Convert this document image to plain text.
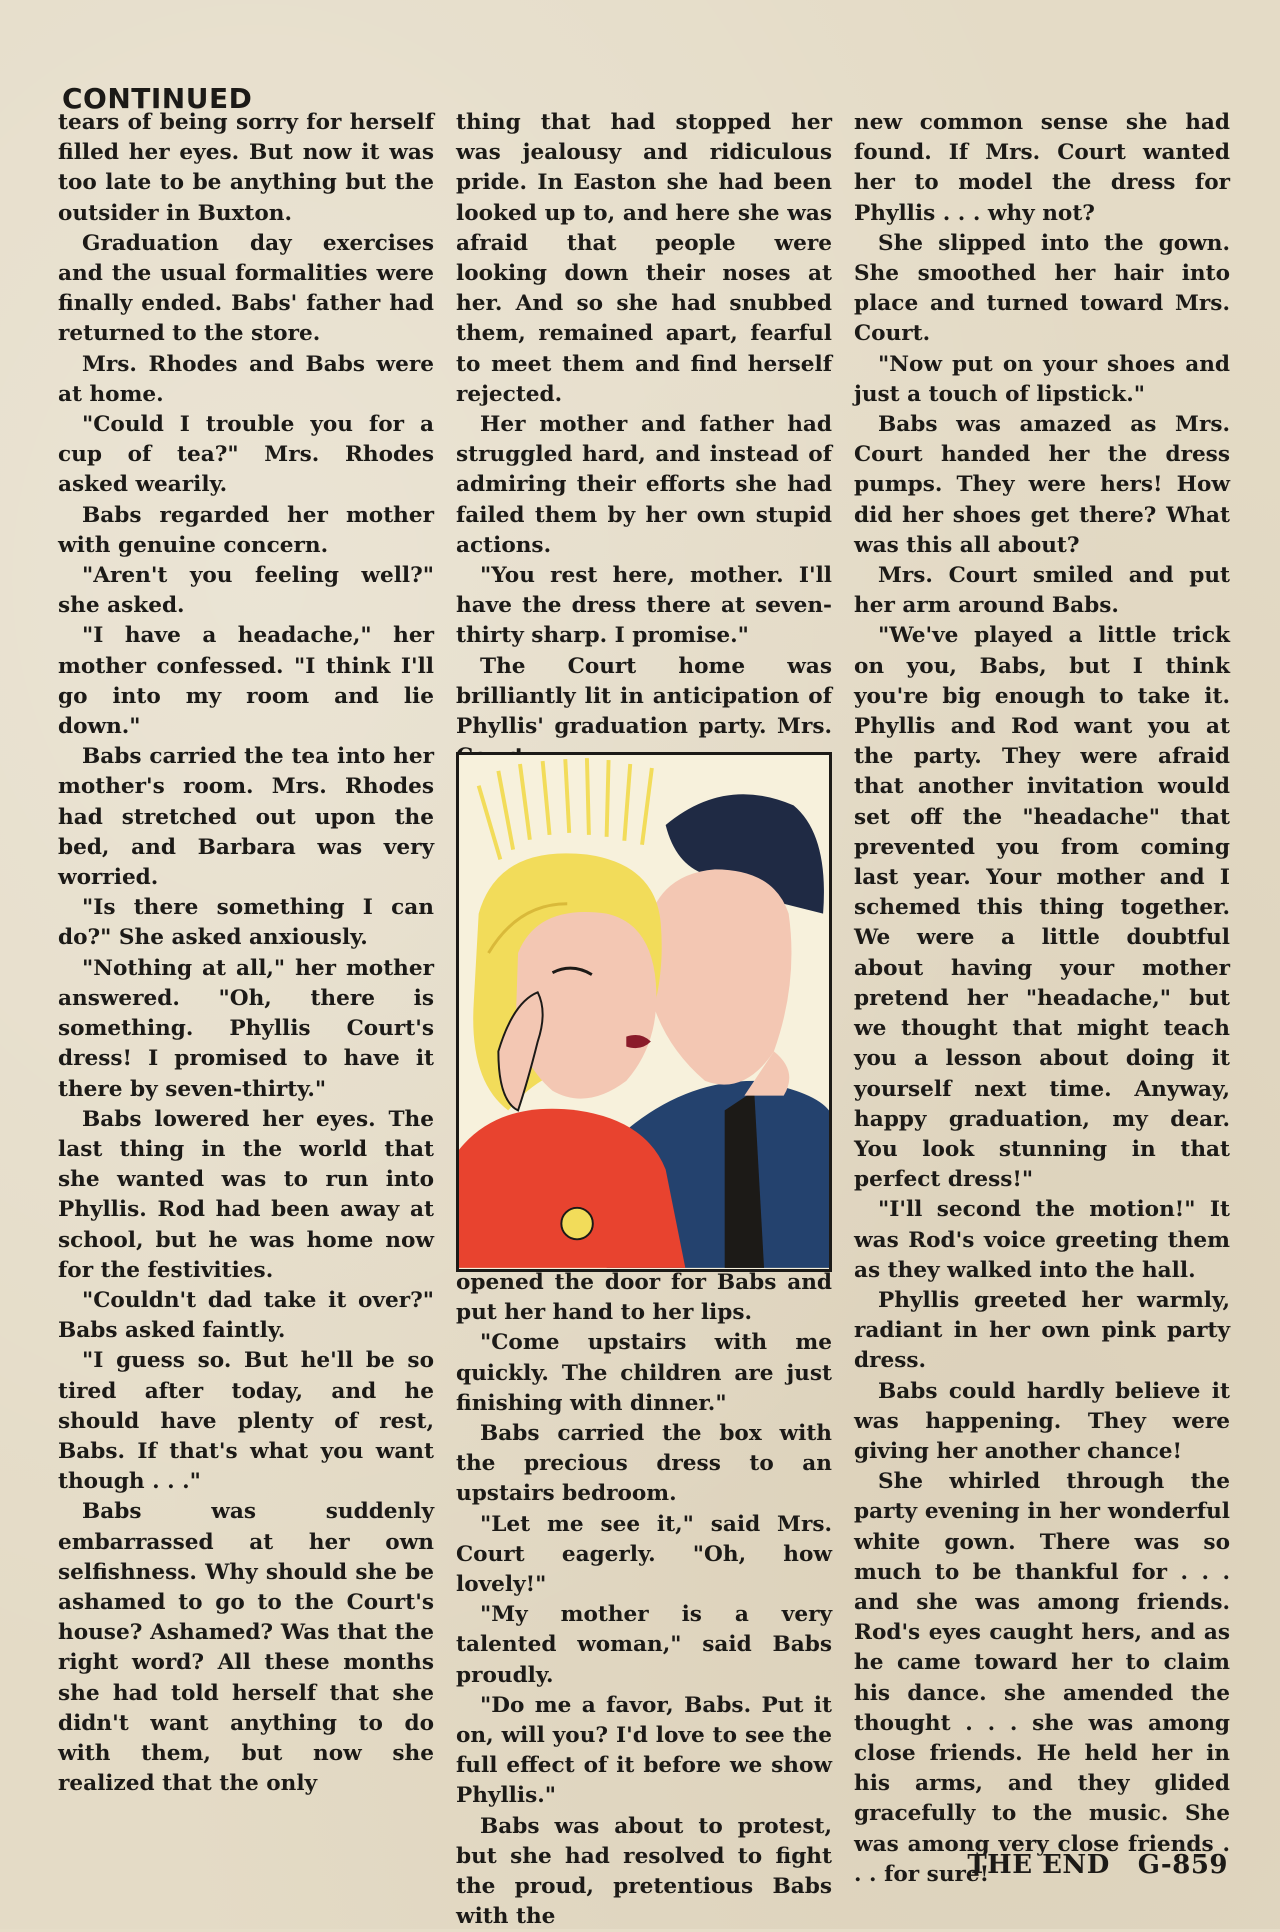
CONTINUED

tears of being sorry for herself filled her eyes. But now it was too late to be anything but the outsider in Buxton.

Graduation day exercises and the usual formalities were finally ended. Babs' father had returned to the store.

Mrs. Rhodes and Babs were at home.

"Could I trouble you for a cup of tea?" Mrs. Rhodes asked wearily.

Babs regarded her mother with genuine concern.

"Aren't you feeling well?" she asked.

"I have a headache," her mother confessed. "I think I'll go into my room and lie down."

Babs carried the tea into her mother's room. Mrs. Rhodes had stretched out upon the bed, and Barbara was very worried.

"Is there something I can do?" She asked anxiously.

"Nothing at all," her mother answered. "Oh, there is something. Phyllis Court's dress! I promised to have it there by seven-thirty."

Babs lowered her eyes. The last thing in the world that she wanted was to run into Phyllis. Rod had been away at school, but he was home now for the festivities.

"Couldn't dad take it over?" Babs asked faintly.

"I guess so. But he'll be so tired after today, and he should have plenty of rest, Babs. If that's what you want though . . ."

Babs was suddenly embarrassed at her own selfishness. Why should she be ashamed to go to the Court's house? Ashamed? Was that the right word? All these months she had told herself that she didn't want anything to do with them, but now she realized that the only

thing that had stopped her was jealousy and ridiculous pride. In Easton she had been looked up to, and here she was afraid that people were looking down their noses at her. And so she had snubbed them, remained apart, fearful to meet them and find herself rejected.

Her mother and father had struggled hard, and instead of admiring their efforts she had failed them by her own stupid actions.

"You rest here, mother. I'll have the dress there at seven-thirty sharp. I promise."

The Court home was brilliantly lit in anticipation of Phyllis' graduation party. Mrs.

opened the door for Babs and put her hand to her lips.

"Come upstairs with me quickly. The children are just finishing with dinner."

Babs carried the box with the precious dress to an upstairs bedroom.

"Let me see it," said Mrs. Court eagerly. "Oh, how lovely!"

"My mother is a very talented woman," said Babs proudly.

"Do me a favor, Babs. Put it on, will you? I'd love to see the full effect of it before we show Phyllis."

Babs was about to protest, but she had resolved to fight the proud, pretentious Babs with the

new common sense she had found. If Mrs. Court wanted her to model the dress for Phyllis . . . why not?

She slipped into the gown. She smoothed her hair into place and turned toward Mrs. Court.

"Now put on your shoes and just a touch of lipstick."

Babs was amazed as Mrs. Court handed her the dress pumps. They were hers! How did her shoes get there? What was this all about?

Mrs. Court smiled and put her arm around Babs.

"We've played a little trick on you, Babs, but I think you're big enough to take it. Phyllis and Rod want you at the party. They were afraid that another invitation would set off the "headache" that prevented you from coming last year. Your mother and I schemed this thing together. We were a little doubtful about having your mother pretend her "headache," but we thought that might teach you a lesson about doing it yourself next time. Anyway, happy graduation, my dear. You look stunning in that perfect dress!"

"I'll second the motion!" It was Rod's voice greeting them as they walked into the hall.

Phyllis greeted her warmly, radiant in her own pink party dress.

Babs could hardly believe it was happening. They were giving her another chance!

She whirled through the party evening in her wonderful white gown. There was so much to be thankful for . . . and she was among friends. Rod's eyes caught hers, and as he came toward her to claim his dance. she amended the thought . . . she was among close friends. He held her in his arms, and they glided gracefully to the music. She was among very close friends . . . for sure!

THE END G-859
